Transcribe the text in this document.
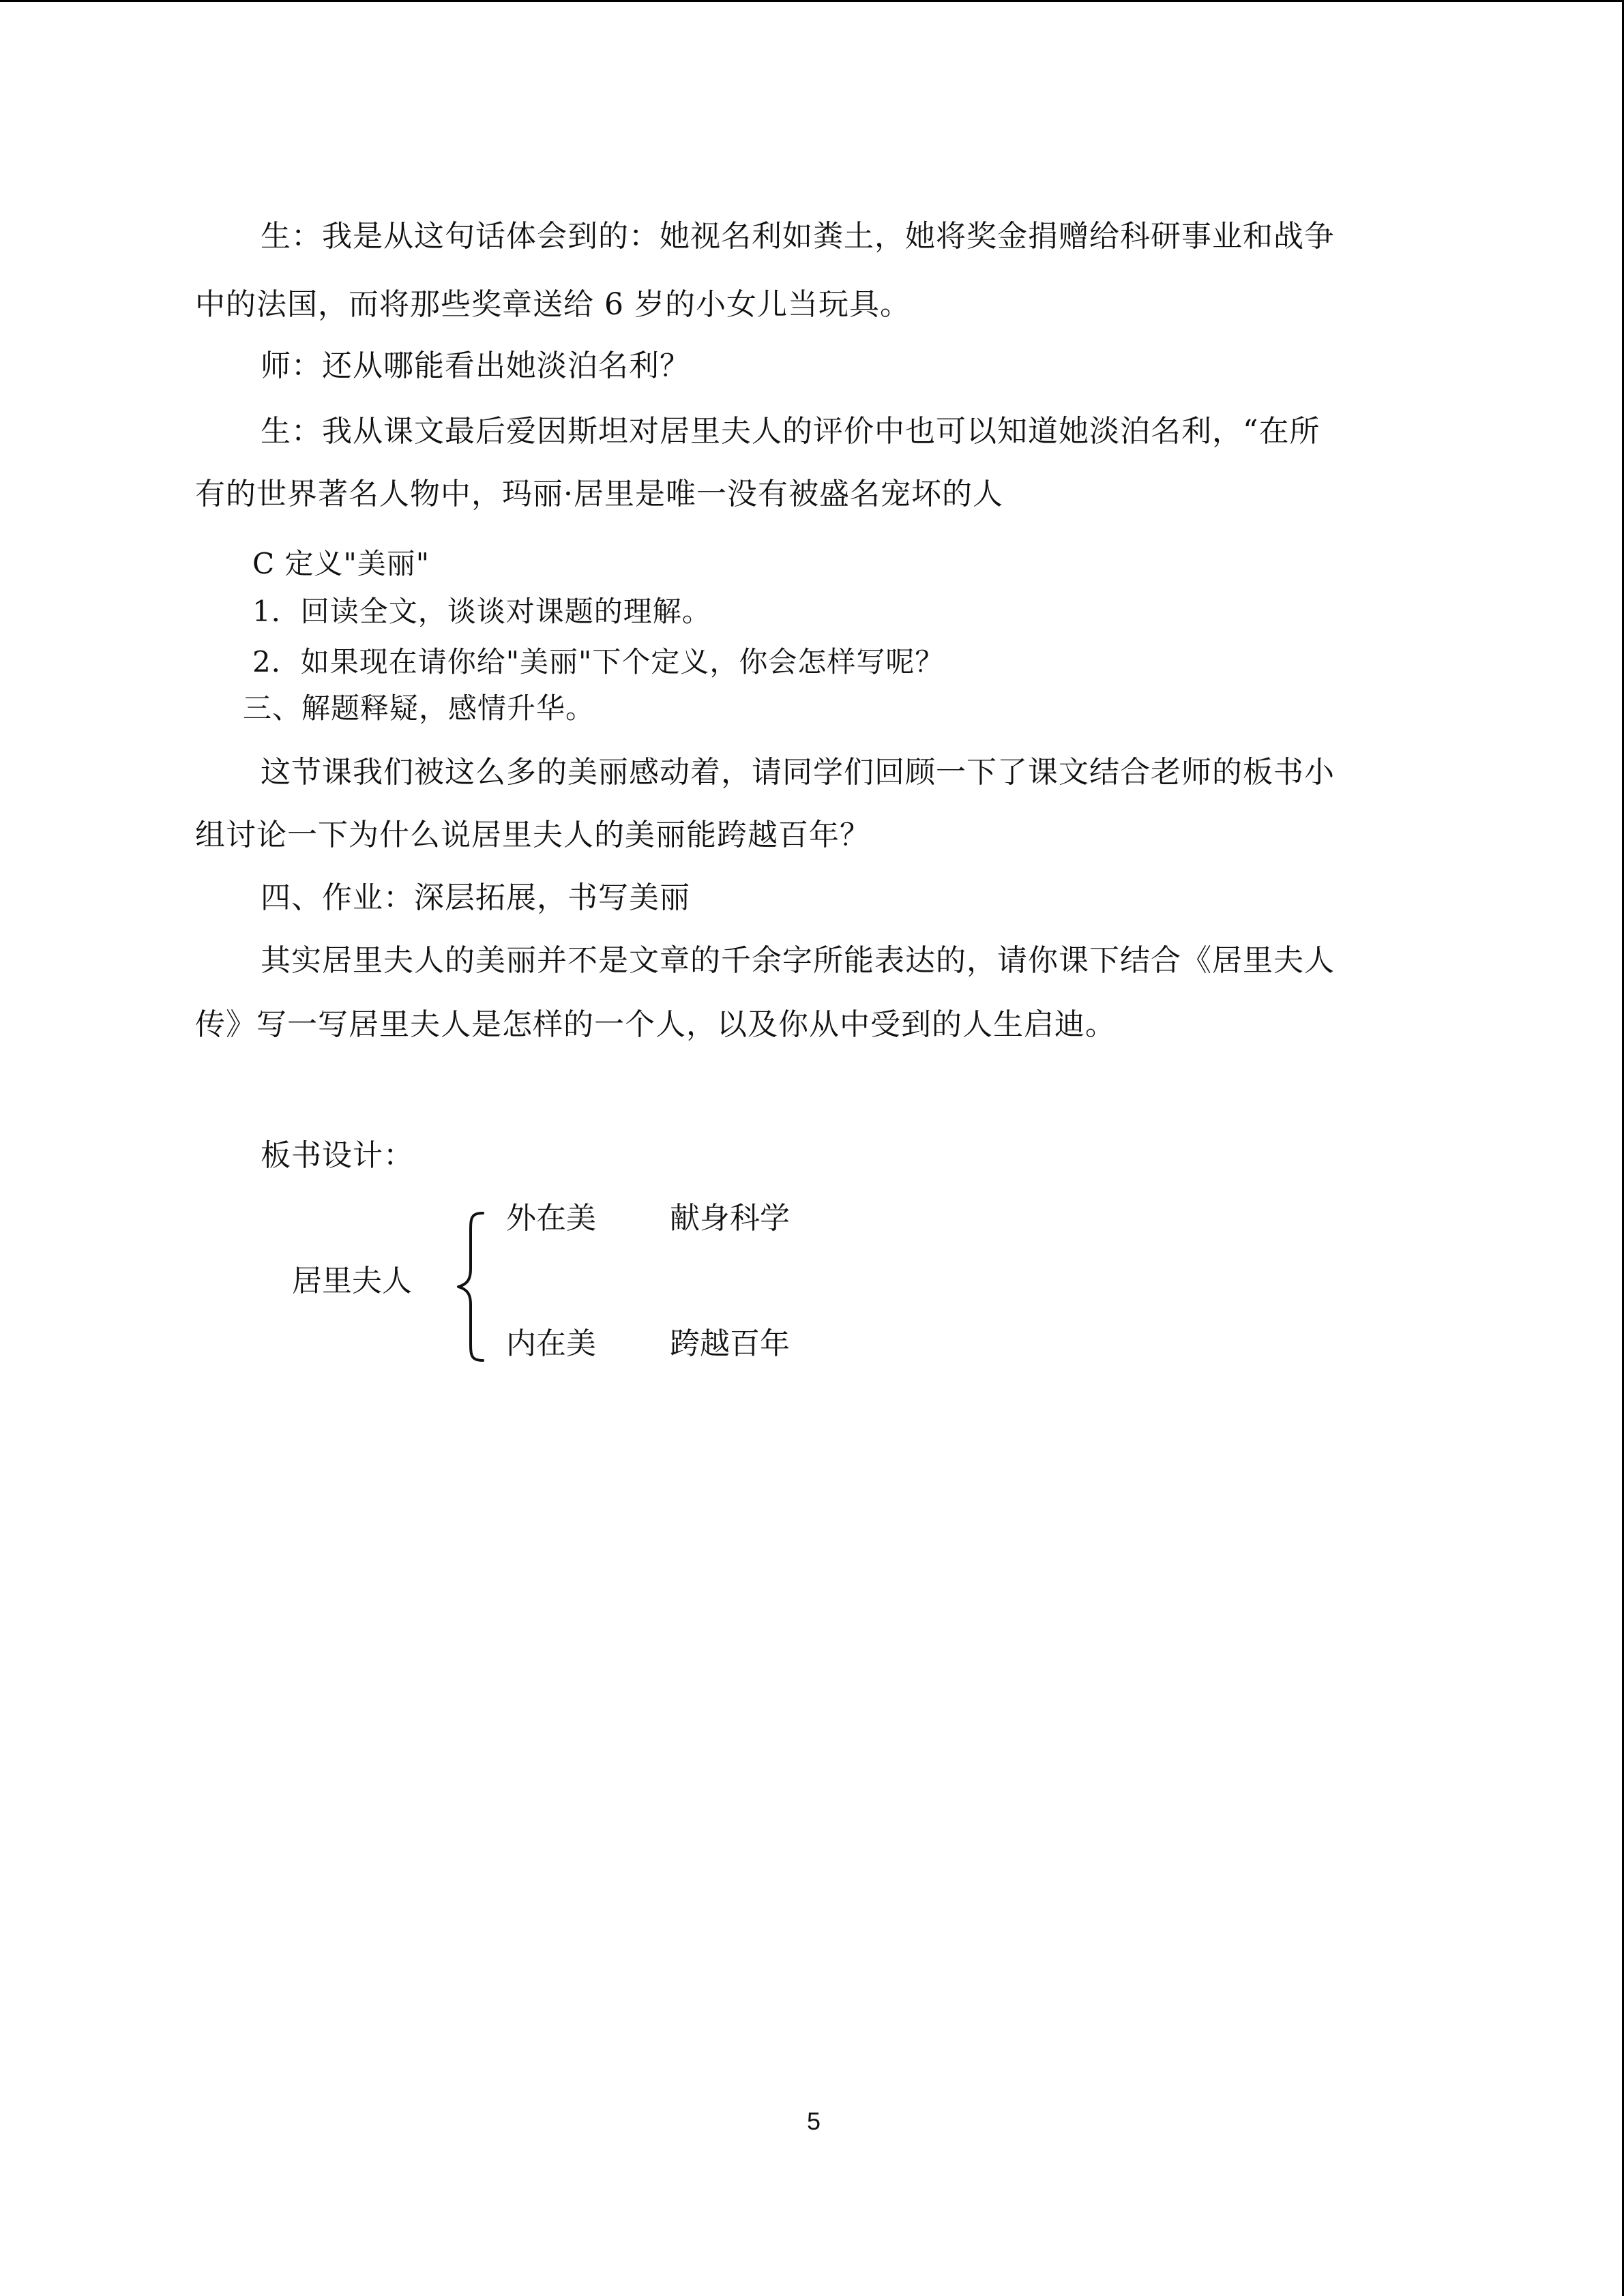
生：我是从这句话体会到的：她视名利如粪土，她将奖金捐赠给科研事业和战争
中的法国，而将那些奖章送给 6 岁的小女儿当玩具。
师：还从哪能看出她淡泊名利？
生：我从课文最后爱因斯坦对居里夫人的评价中也可以知道她淡泊名利，“在所
有的世界著名人物中，玛丽·居里是唯一没有被盛名宠坏的人
C 定义"美丽"
1．回读全文，谈谈对课题的理解。
2．如果现在请你给"美丽"下个定义，你会怎样写呢？
三、解题释疑，感情升华。
这节课我们被这么多的美丽感动着，请同学们回顾一下了课文结合老师的板书小
组讨论一下为什么说居里夫人的美丽能跨越百年？
四、作业：深层拓展，书写美丽
其实居里夫人的美丽并不是文章的千余字所能表达的，请你课下结合《居里夫人
传》写一写居里夫人是怎样的一个人，以及你从中受到的人生启迪。
板书设计：
居里夫人
外在美 献身科学
内在美 跨越百年
5
